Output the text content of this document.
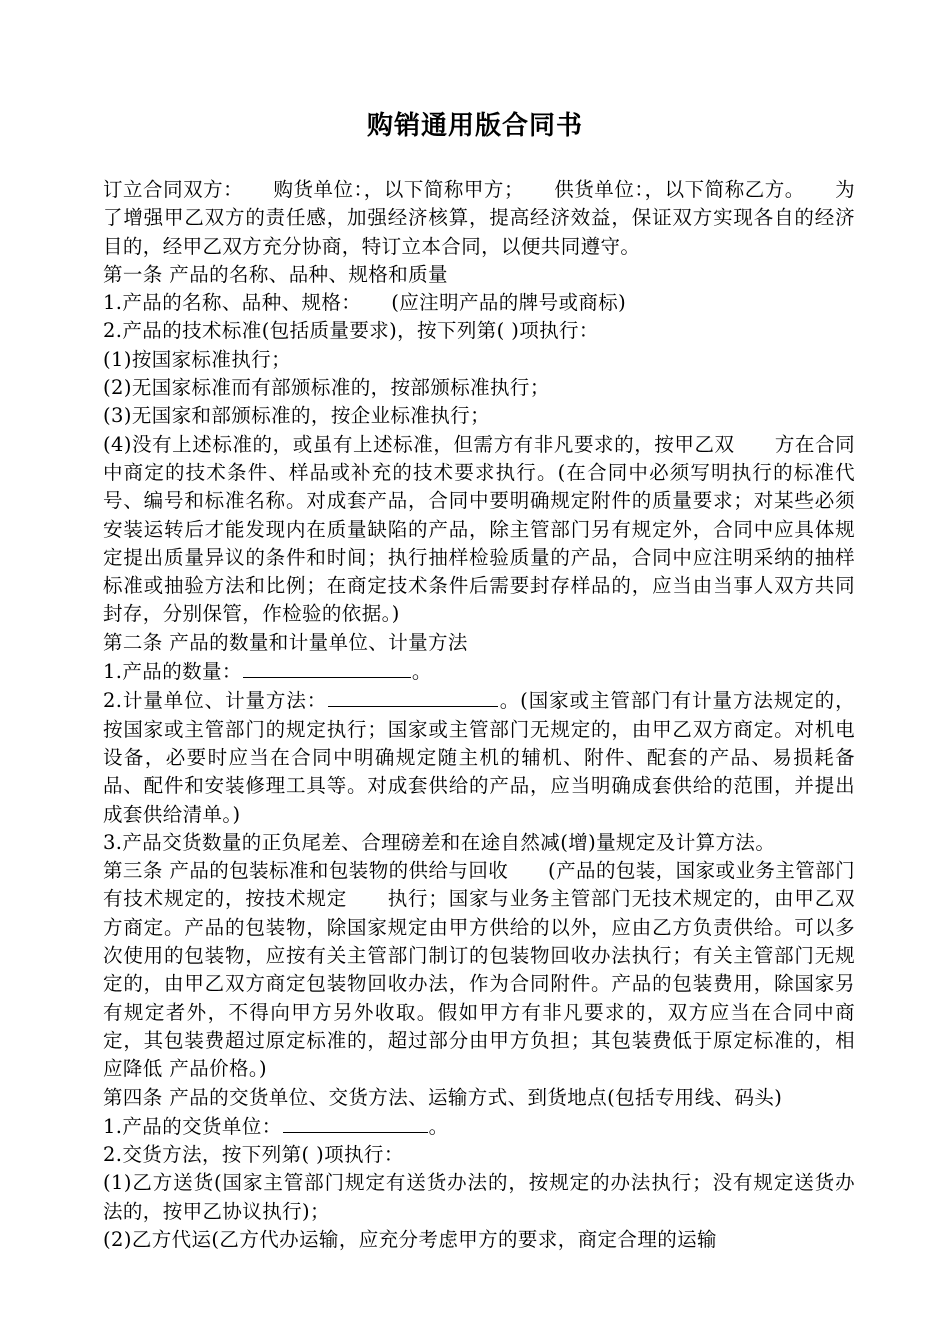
购销通用版合同书

订立合同双方：　　购货单位：，以下简称甲方；　　供货单位：，以下简称乙方。　　为了增强甲乙双方的责任感，加强经济核算，提高经济效益，保证双方实现各自的经济　　目的，经甲乙双方充分协商，特订立本合同，以便共同遵守。

第一条 产品的名称、品种、规格和质量

1.产品的名称、品种、规格：　　(应注明产品的牌号或商标)

2.产品的技术标准(包括质量要求)，按下列第( )项执行：

(1)按国家标准执行；

(2)无国家标准而有部颁标准的，按部颁标准执行；

(3)无国家和部颁标准的，按企业标准执行；

(4)没有上述标准的，或虽有上述标准，但需方有非凡要求的，按甲乙双　　方在合同中商定的技术条件、样品或补充的技术要求执行。(在合同中必须写明执行的标准代号、编号和标准名称。对成套产品，合同中要明确规定附件的质量要求；对某些必须安装运转后才能发现内在质量缺陷的产品，除主管部门另有规定外，合同中应具体规定提出质量异议的条件和时间；执行抽样检验质量的产品，合同中应注明采纳的抽样标准或抽验方法和比例；在商定技术条件后需要封存样品的，应当由当事人双方共同封存，分别保管，作检验的依据。)

第二条 产品的数量和计量单位、计量方法

1.产品的数量：	。

2.计量单位、计量方法：	。(国家或主管部门有计量方法规定的，按国家或主管部门的规定执行；国家或主管部门无规定的，由甲乙双方商定。对机电设备，必要时应当在合同中明确规定随主机的辅机、附件、配套的产品、易损耗备品、配件和安装修理工具等。对成套供给的产品，应当明确成套供给的范围，并提出成套供给清单。)

3.产品交货数量的正负尾差、合理磅差和在途自然减(增)量规定及计算方法。

第三条 产品的包装标准和包装物的供给与回收　　(产品的包装，国家或业务主管部门有技术规定的，按技术规定　　执行；国家与业务主管部门无技术规定的，由甲乙双方商定。产品的包装物，除国家规定由甲方供给的以外，应由乙方负责供给。可以多次使用的包装物，应按有关主管部门制订的包装物回收办法执行；有关主管部门无规定的，由甲乙双方商定包装物回收办法，作为合同附件。产品的包装费用，除国家另有规定者外，不得向甲方另外收取。假如甲方有非凡要求的，双方应当在合同中商定，其包装费超过原定标准的，超过部分由甲方负担；其包装费低于原定标准的，相应降低 产品价格。)

第四条 产品的交货单位、交货方法、运输方式、到货地点(包括专用线、码头)

1.产品的交货单位：	。

2.交货方法，按下列第( )项执行：

(1)乙方送货(国家主管部门规定有送货办法的，按规定的办法执行；没有规定送货办法的，按甲乙协议执行)；

(2)乙方代运(乙方代办运输，应充分考虑甲方的要求，商定合理的运输
